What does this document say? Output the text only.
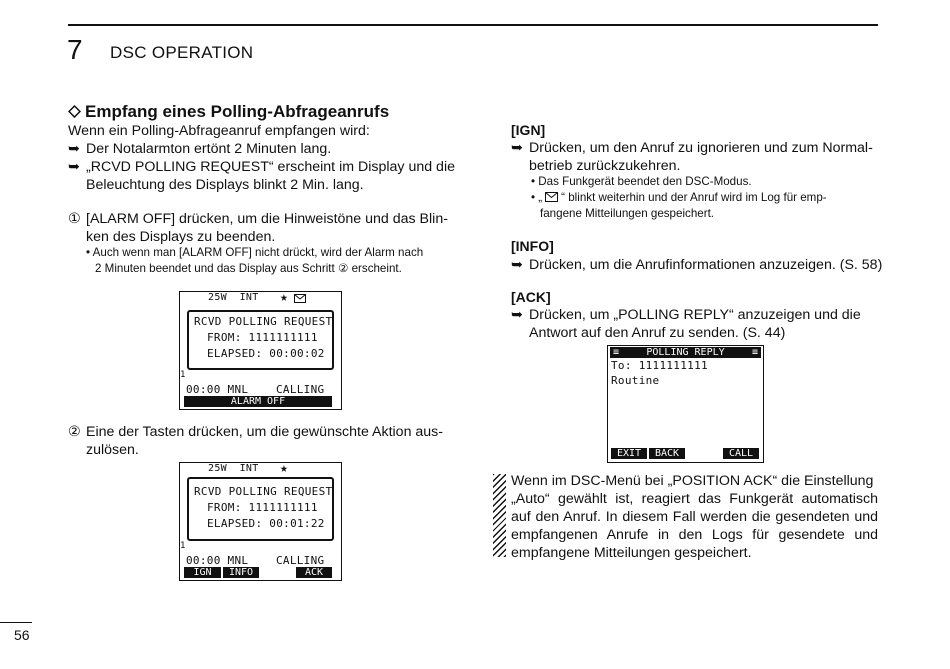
7 DSC OPERATION
Empfang eines Polling-Abfrageanrufs
Wenn ein Polling-Abfrageanruf empfangen wird:
➥ Der Notalarmton ertönt 2 Minuten lang.
➥ „RCVD POLLING REQUEST“ erscheint im Display und die
Beleuchtung des Displays blinkt 2 Min. lang.
① [ALARM OFF] drücken, um die Hinweistöne und das Blin-
ken des Displays zu beenden.
• Auch wenn man [ALARM OFF] nicht drückt, wird der Alarm nach
2 Minuten beendet und das Display aus Schritt ② erscheint.
25W  INT ★
RCVD POLLING REQUEST
FROM: 1111111111
ELAPSED: 00:00:02
1
00:00 MNL    CALLING
ALARM OFF
② Eine der Tasten drücken, um die gewünschte Aktion aus-
zulösen.
25W  INT ★
RCVD POLLING REQUEST
FROM: 1111111111
ELAPSED: 00:01:22
1
00:00 MNL    CALLING
IGN	INFO	ACK
[IGN]
➥ Drücken, um den Anruf zu ignorieren und zum Normal-
betrieb zurückzukehren.
• Das Funkgerät beendet den DSC-Modus.
• „ “ blinkt weiterhin und der Anruf wird im Log für emp-
fangene Mitteilungen gespeichert.
[INFO]
➥ Drücken, um die Anrufinformationen anzuzeigen. (S. 58)
[ACK]
➥ Drücken, um „POLLING REPLY“ anzuzeigen und die
Antwort auf den Anruf zu senden. (S. 44)
≡	POLLING REPLY	≡
To: 1111111111
Routine
EXIT	BACK	CALL
Wenn im DSC-Menü bei „POSITION ACK“ die Einstellung
„Auto“ gewählt ist, reagiert das Funkgerät automatisch
auf den Anruf. In diesem Fall werden die gesendeten und
empfangenen Anrufe in den Logs für gesendete und
empfangene Mitteilungen gespeichert.
56
